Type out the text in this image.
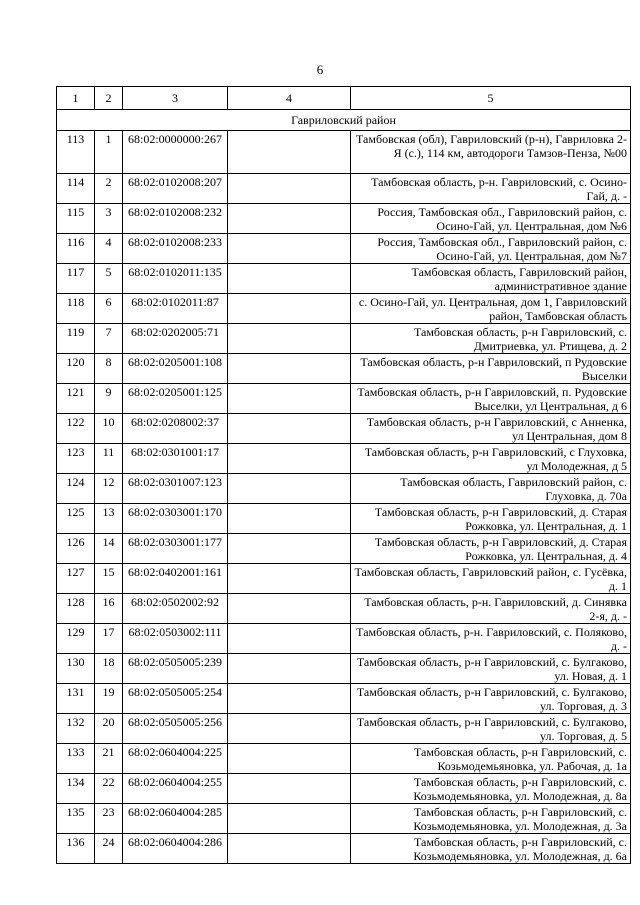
6
1	2	3	4	5
Гавриловский район				
113	1	68:02:0000000:267		Тамбовская (обл), Гавриловский (р-н), Гавриловка 2-Я (с.), 114 км, автодороги Тамзов-Пенза, №00
114	2	68:02:0102008:207		Тамбовская область, р-н. Гавриловский, с. Осино-Гай, д. -
115	3	68:02:0102008:232		Россия, Тамбовская обл., Гавриловский район, с. Осино-Гай, ул. Центральная, дом №6
116	4	68:02:0102008:233		Россия, Тамбовская обл., Гавриловский район, с. Осино-Гай, ул. Центральная, дом №7
117	5	68:02:0102011:135		Тамбовская область, Гавриловский район, административное здание
118	6	68:02:0102011:87		с. Осино-Гай, ул. Центральная, дом 1, Гавриловский район, Тамбовская область
119	7	68:02:0202005:71		Тамбовская область, р-н Гавриловский, с. Дмитриевка, ул. Ртищева, д. 2
120	8	68:02:0205001:108		Тамбовская область, р-н Гавриловский, п Рудовские Выселки
121	9	68:02:0205001:125		Тамбовская область, р-н Гавриловский, п. Рудовские Выселки, ул Центральная, д 6
122	10	68:02:0208002:37		Тамбовская область, р-н Гавриловский, с Анненка, ул Центральная, дом 8
123	11	68:02:0301001:17		Тамбовская область, р-н Гавриловский, с Глуховка, ул Молодежная, д 5
124	12	68:02:0301007:123		Тамбовская область, Гавриловский район, с. Глуховка, д. 70а
125	13	68:02:0303001:170		Тамбовская область, р-н Гавриловский, д. Старая Рожковка, ул. Центральная, д. 1
126	14	68:02:0303001:177		Тамбовская область, р-н Гавриловский, д. Старая Рожковка, ул. Центральная, д. 4
127	15	68:02:0402001:161		Тамбовская область, Гавриловский район, с. Гусёвка, д. 1
128	16	68:02:0502002:92		Тамбовская область, р-н. Гавриловский, д. Синявка 2-я, д. -
129	17	68:02:0503002:111		Тамбовская область, р-н. Гавриловский, с. Поляково, д. -
130	18	68:02:0505005:239		Тамбовская область, р-н Гавриловский, с. Булгаково, ул. Новая, д. 1
131	19	68:02:0505005:254		Тамбовская область, р-н Гавриловский, с. Булгаково, ул. Торговая, д. 3
132	20	68:02:0505005:256		Тамбовская область, р-н Гавриловский, с. Булгаково, ул. Торговая, д. 5
133	21	68:02:0604004:225		Тамбовская область, р-н Гавриловский, с. Козьмодемьяновка, ул. Рабочая, д. 1а
134	22	68:02:0604004:255		Тамбовская область, р-н Гавриловский, с. Козьмодемьяновка, ул. Молодежная, д. 8а
135	23	68:02:0604004:285		Тамбовская область, р-н Гавриловский, с. Козьмодемьяновка, ул. Молодежная, д. 3а
136	24	68:02:0604004:286		Тамбовская область, р-н Гавриловский, с. Козьмодемьяновка, ул. Молодежная, д. 6а
